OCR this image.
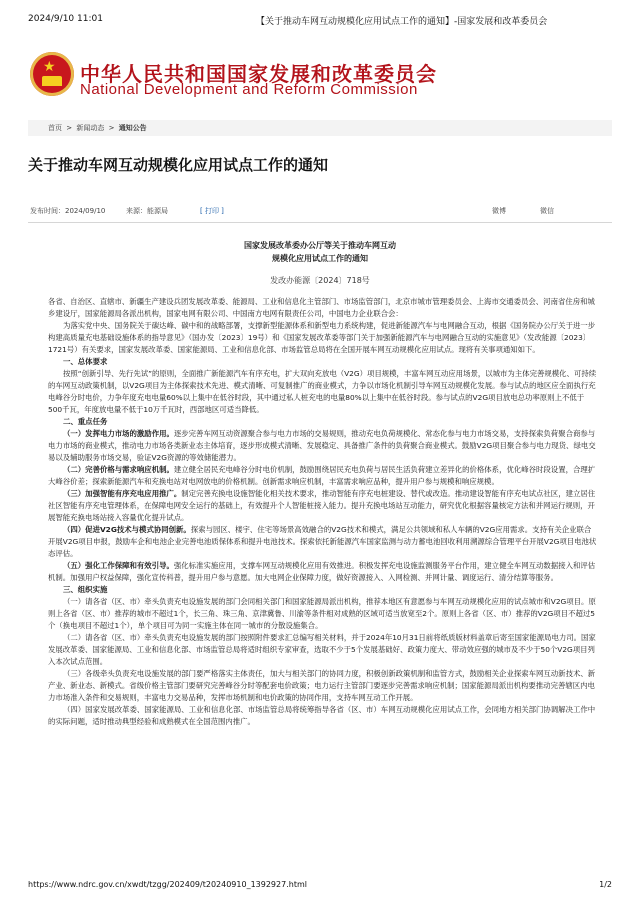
2024/9/10 11:01	【关于推动车网互动规模化应用试点工作的通知】-国家发展和改革委员会
★ 中华人民共和国国家发展和改革委员会
National Development and Reform Commission
首页 > 新闻动态 > 通知公告
关于推动车网互动规模化应用试点工作的通知
发布时间：2024/09/10	来源：能源局	[ 打印 ]	微博	微信
国家发展改革委办公厅等关于推动车网互动
规模化应用试点工作的通知
发改办能源〔2024〕718号

各省、自治区、直辖市、新疆生产建设兵团发展改革委、能源局、工业和信息化主管部门、市场监管部门，北京市城市管理委员会、上海市交通委员会、河南省住房和城乡建设厅，国家能源局各派出机构，国家电网有限公司、中国南方电网有限责任公司，中国电力企业联合会：

为落实党中央、国务院关于碳达峰、碳中和的战略部署，支撑新型能源体系和新型电力系统构建，促进新能源汽车与电网融合互动，根据《国务院办公厅关于进一步构建高质量充电基础设施体系的指导意见》（国办发〔2023〕19号）和《国家发展改革委等部门关于加强新能源汽车与电网融合互动的实施意见》（发改能源〔2023〕1721号）有关要求，国家发展改革委、国家能源局、工业和信息化部、市场监管总局将在全国开展车网互动规模化应用试点。现将有关事项通知如下。

一、总体要求

按照“创新引导、先行先试”的原则，全面推广新能源汽车有序充电，扩大双向充放电（V2G）项目规模，丰富车网互动应用场景，以城市为主体完善规模化、可持续的车网互动政策机制，以V2G项目为主体探索技术先进、模式清晰、可复制推广的商业模式，力争以市场化机制引导车网互动规模化发展。参与试点的地区应全面执行充电峰谷分时电价，力争年度充电电量60%以上集中在低谷时段，其中通过私人桩充电的电量80%以上集中在低谷时段。参与试点的V2G项目放电总功率原则上不低于500千瓦，年度放电量不低于10万千瓦时，西部地区可适当降低。

二、重点任务

（一）发挥电力市场的激励作用。逐步完善车网互动资源聚合参与电力市场的交易规则，推动充电负荷规模化、常态化参与电力市场交易，支持探索负荷聚合商参与电力市场的商业模式，推动电力市场各类新业态主体培育，逐步形成模式清晰、发展稳定、具备推广条件的负荷聚合商业模式。鼓励V2G项目聚合参与电力现货、绿电交易以及辅助服务市场交易，验证V2G资源的等效储能潜力。

（二）完善价格与需求响应机制。建立健全居民充电峰谷分时电价机制，鼓励围绕居民充电负荷与居民生活负荷建立差异化的价格体系，优化峰谷时段设置，合理扩大峰谷价差；探索新能源汽车和充换电站对电网放电的价格机制。创新需求响应机制，丰富需求响应品种，提升用户参与规模和响应规模。

（三）加强智能有序充电应用推广。制定完善充换电设施智能化相关技术要求，推动智能有序充电桩建设、替代或改造。推动建设智能有序充电试点社区，建立居住社区智能有序充电管理体系，在保障电网安全运行的基础上，有效提升个人智能桩接入能力。提升充换电场站互动能力，研究优化根据容量核定方法和并网运行规则，开展智能充换电场站接入容量优化提升试点。

（四）促进V2G技术与模式协同创新。探索与园区、楼宇、住宅等场景高效融合的V2G技术和模式，满足公共领域和私人车辆的V2G应用需求。支持有关企业联合开展V2G项目申报，鼓励车企和电池企业完善电池质保体系和提升电池技术。探索依托新能源汽车国家监测与动力蓄电池回收利用溯源综合管理平台开展V2G项目电池状态评估。

（五）强化工作保障和有效引导。强化标准实施应用，支撑车网互动规模化应用有效推进。积极发挥充电设施监测服务平台作用，建立健全车网互动数据接入和评估机制。加强用户权益保障，强化宣传科普，提升用户参与意愿。加大电网企业保障力度，做好资源接入、入网检测、并网计量、调度运行、清分结算等服务。

三、组织实施

（一）请各省（区、市）牵头负责充电设施发展的部门会同相关部门和国家能源局派出机构，推荐本地区有意愿参与车网互动规模化应用的试点城市和V2G项目。原则上各省（区、市）推荐的城市不超过1个，长三角、珠三角、京津冀鲁、川渝等条件相对成熟的区域可适当放宽至2个。原则上各省（区、市）推荐的V2G项目不超过5个（换电项目不超过1个），单个项目可为同一实施主体在同一城市的分散设施集合。

（二）请各省（区、市）牵头负责充电设施发展的部门按照附件要求汇总编写相关材料，并于2024年10月31日前将纸质版材料盖章后寄至国家能源局电力司。国家发展改革委、国家能源局、工业和信息化部、市场监管总局将适时组织专家审查，选取不少于5个发展基础好、政策力度大、带动效应强的城市及不少于50个V2G项目列入本次试点范围。

（三）各级牵头负责充电设施发展的部门要严格落实主体责任，加大与相关部门的协同力度，积极创新政策机制和监管方式，鼓励相关企业探索车网互动新技术、新产业、新业态、新模式。省级价格主管部门要研究完善峰谷分时等配套电价政策；电力运行主管部门要逐步完善需求响应机制；国家能源局派出机构要推动完善辖区内电力市场准入条件和交易规则，丰富电力交易品种，发挥市场机制和电价政策的协同作用，支持车网互动工作开展。

（四）国家发展改革委、国家能源局、工业和信息化部、市场监管总局将统筹指导各省（区、市）车网互动规模化应用试点工作，会同地方相关部门协调解决工作中的实际问题，适时推动典型经验和成熟模式在全国范围内推广。

https://www.ndrc.gov.cn/xwdt/tzgg/202409/t20240910_1392927.html	1/2
